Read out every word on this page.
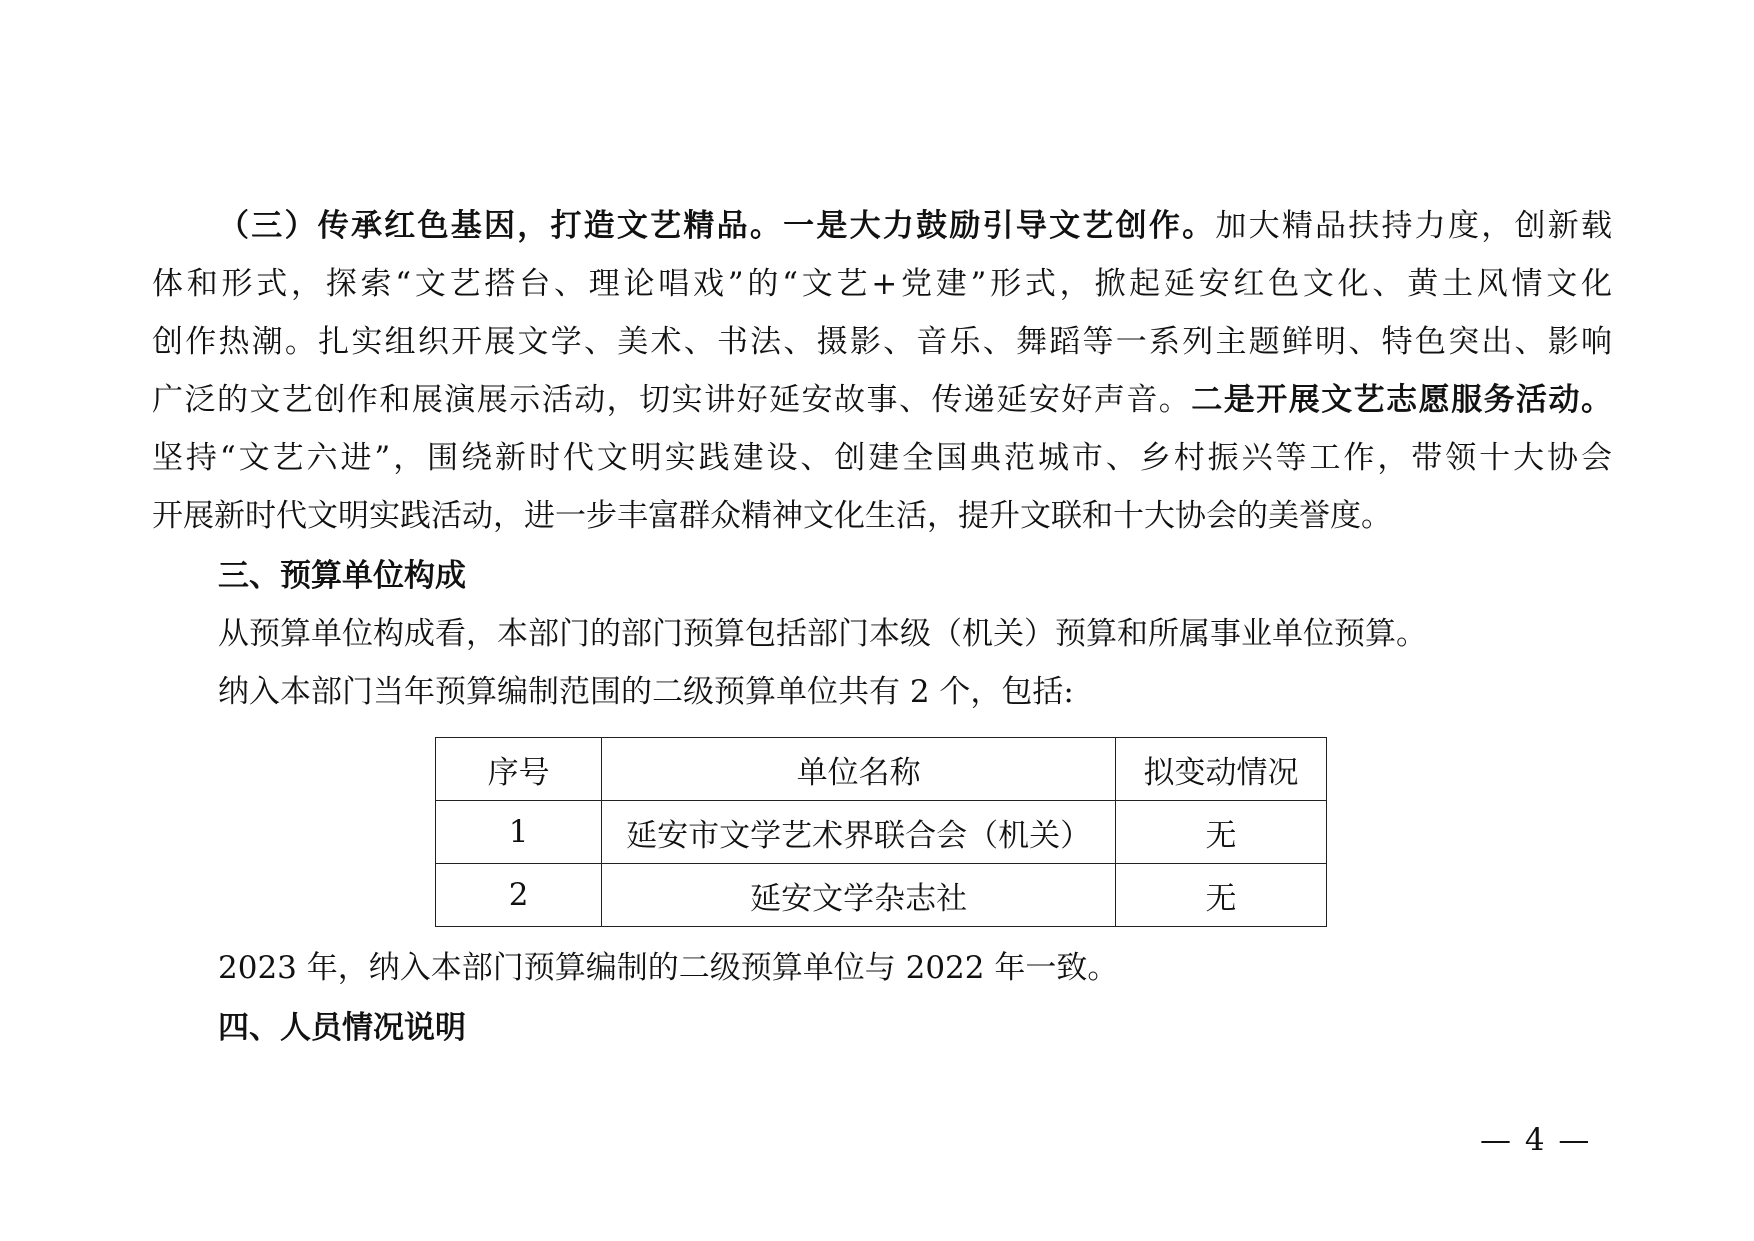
（三）传承红色基因，打造文艺精品。一是大力鼓励引导文艺创作。加大精品扶持力度，创新载
体和形式，探索“文艺搭台、理论唱戏”的“文艺+党建”形式，掀起延安红色文化、黄土风情文化
创作热潮。扎实组织开展文学、美术、书法、摄影、音乐、舞蹈等一系列主题鲜明、特色突出、影响
广泛的文艺创作和展演展示活动，切实讲好延安故事、传递延安好声音。二是开展文艺志愿服务活动。
坚持“文艺六进”，围绕新时代文明实践建设、创建全国典范城市、乡村振兴等工作，带领十大协会
开展新时代文明实践活动，进一步丰富群众精神文化生活，提升文联和十大协会的美誉度。
三、预算单位构成
从预算单位构成看，本部门的部门预算包括部门本级（机关）预算和所属事业单位预算。
纳入本部门当年预算编制范围的二级预算单位共有 2 个，包括:
序号	单位名称	拟变动情况
1	延安市文学艺术界联合会（机关）	无
2	延安文学杂志社	无
2023 年，纳入本部门预算编制的二级预算单位与 2022 年一致。
四、人员情况说明
— 4 —
